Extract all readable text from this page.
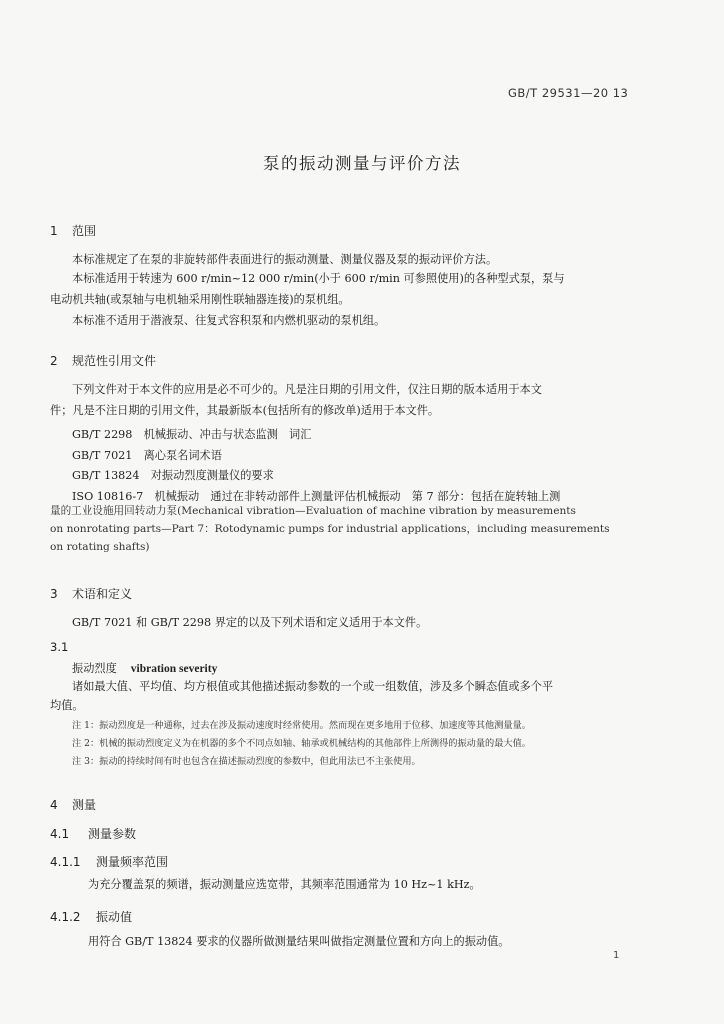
GB/T 29531—20 13
泵的振动测量与评价方法
1 范围
本标准规定了在泵的非旋转部件表面进行的振动测量、测量仪器及泵的振动评价方法。
本标准适用于转速为 600 r/min~12 000 r/min(小于 600 r/min 可参照使用)的各种型式泵，泵与
电动机共轴(或泵轴与电机轴采用刚性联轴器连接)的泵机组。
本标准不适用于潜液泵、往复式容积泵和内燃机驱动的泵机组。
2 规范性引用文件
下列文件对于本文件的应用是必不可少的。凡是注日期的引用文件，仅注日期的版本适用于本文
件；凡是不注日期的引用文件，其最新版本(包括所有的修改单)适用于本文件。
GB/T 2298　机械振动、冲击与状态监测　词汇
GB/T 7021　离心泵名词术语
GB/T 13824　对振动烈度测量仪的要求
ISO 10816-7　机械振动　通过在非转动部件上测量评估机械振动　第 7 部分：包括在旋转轴上测
量的工业设施用回转动力泵(Mechanical vibration—Evaluation of machine vibration by measurements
on nonrotating parts—Part 7：Rotodynamic pumps for industrial applications，including measurements
on rotating shafts)
3 术语和定义
GB/T 7021 和 GB/T 2298 界定的以及下列术语和定义适用于本文件。
3.1
振动烈度 vibration severity
诸如最大值、平均值、均方根值或其他描述振动参数的一个或一组数值，涉及多个瞬态值或多个平
均值。
注 1：振动烈度是一种通称，过去在涉及振动速度时经常使用。然而现在更多地用于位移、加速度等其他测量量。
注 2：机械的振动烈度定义为在机器的多个不同点如轴、轴承或机械结构的其他部件上所测得的振动量的最大值。
注 3：振动的持续时间有时也包含在描述振动烈度的参数中，但此用法已不主张使用。
4 测量
4.1 测量参数
4.1.1 测量频率范围
为充分覆盖泵的频谱，振动测量应选宽带，其频率范围通常为 10 Hz~1 kHz。
4.1.2 振动值
用符合 GB/T 13824 要求的仪器所做测量结果叫做指定测量位置和方向上的振动值。
1
